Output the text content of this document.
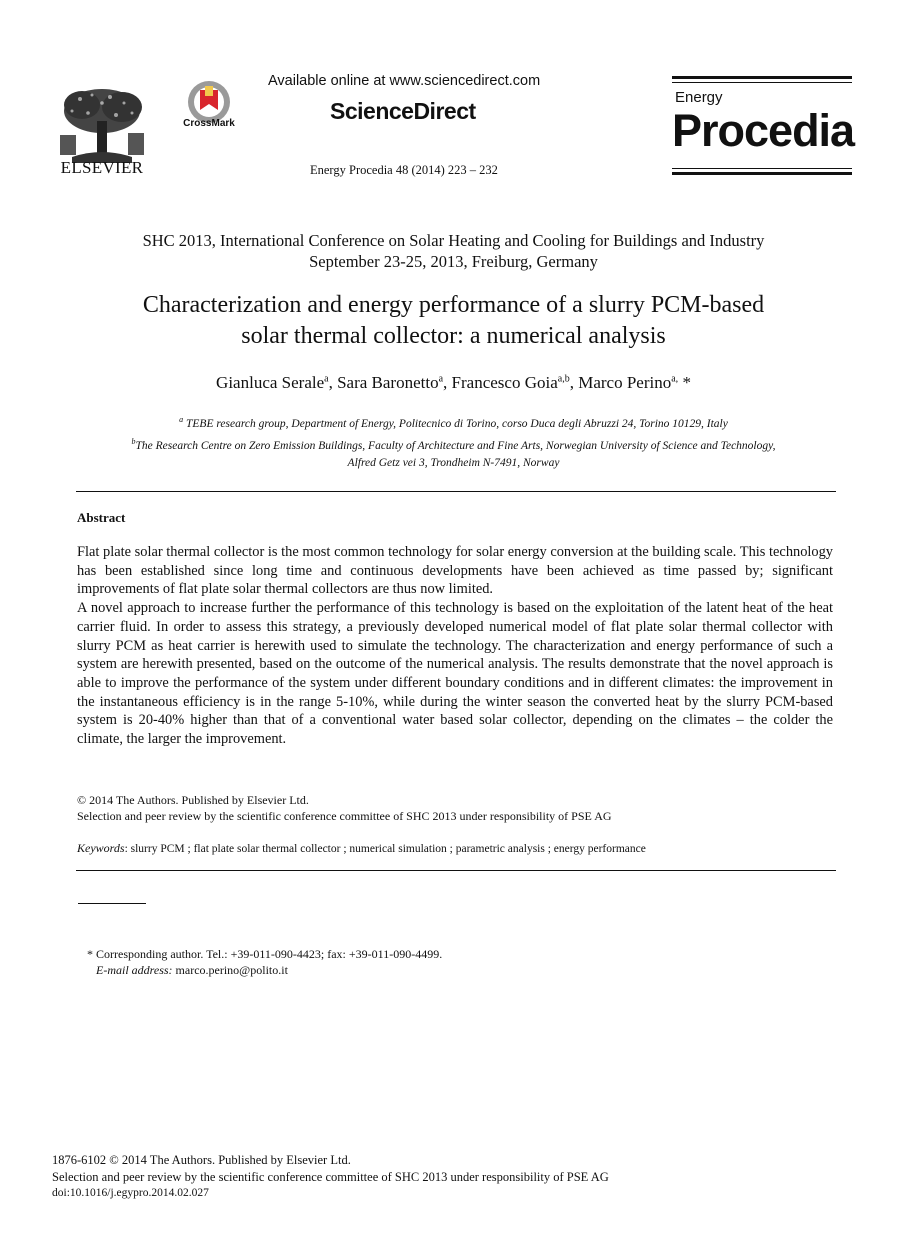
ELSEVIER
CrossMark
Available online at www.sciencedirect.com
ScienceDirect
Energy Procedia 48 (2014) 223 – 232
Energy
Procedia
SHC 2013, International Conference on Solar Heating and Cooling for Buildings and Industry
September 23-25, 2013, Freiburg, Germany
Characterization and energy performance of a slurry PCM-based
solar thermal collector: a numerical analysis
Gianluca Serale$^a$, Sara Baronetto$^a$, Francesco Goia$^{a,b}$, Marco Perino$^{a,}$ *
$^a$ TEBE research group, Department of Energy, Politecnico di Torino, corso Duca degli Abruzzi 24, Torino 10129, Italy
$^b$The Research Centre on Zero Emission Buildings, Faculty of Architecture and Fine Arts, Norwegian University of Science and Technology,
Alfred Getz vei 3, Trondheim N-7491, Norway
Abstract

Flat plate solar thermal collector is the most common technology for solar energy conversion at the building scale. This technology has been established since long time and continuous developments have been achieved as time passed by; significant improvements of flat plate solar thermal collectors are thus now limited.

A novel approach to increase further the performance of this technology is based on the exploitation of the latent heat of the heat carrier fluid. In order to assess this strategy, a previously developed numerical model of flat plate solar thermal collector with slurry PCM as heat carrier is herewith used to simulate the technology. The characterization and energy performance of such a system are herewith presented, based on the outcome of the numerical analysis. The results demonstrate that the novel approach is able to improve the performance of the system under different boundary conditions and in different climates: the improvement in the instantaneous efficiency is in the range 5-10%, while during the winter season the converted heat by the slurry PCM-based system is 20-40% higher than that of a conventional water based solar collector, depending on the climates – the colder the climate, the larger the improvement.

© 2014 The Authors. Published by Elsevier Ltd.
Selection and peer review by the scientific conference committee of SHC 2013 under responsibility of PSE AG
Keywords: slurry PCM ; flat plate solar thermal collector ; numerical simulation ; parametric analysis ; energy performance
* Corresponding author. Tel.: +39-011-090-4423; fax: +39-011-090-4499.
E-mail address: marco.perino@polito.it
1876-6102 © 2014 The Authors. Published by Elsevier Ltd.
Selection and peer review by the scientific conference committee of SHC 2013 under responsibility of PSE AG
doi:10.1016/j.egypro.2014.02.027
